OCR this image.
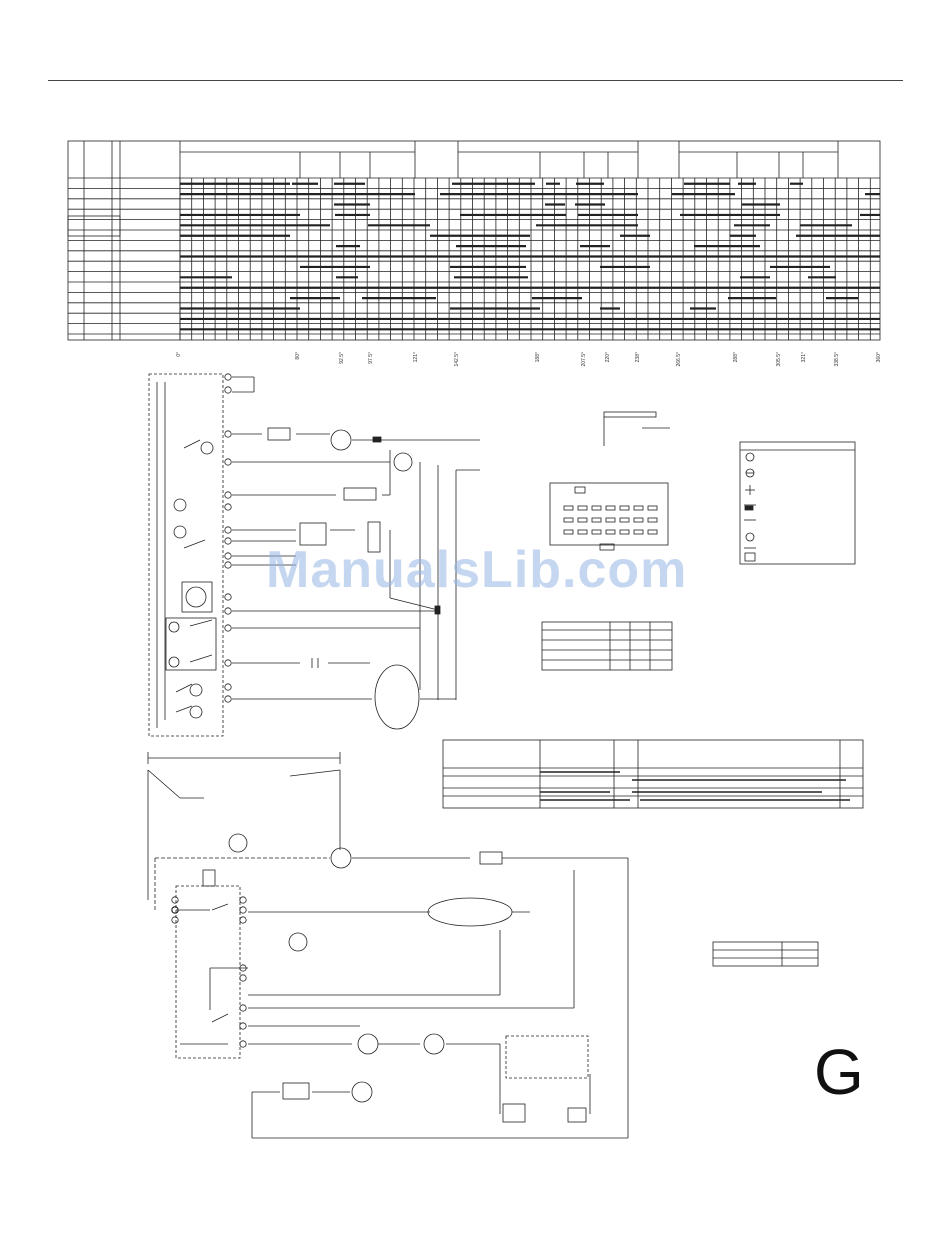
0°	80°	92.5°	97.5°	121°	142.5°	188°	207.5°	220°	238°	266.5°	288°	305.5°	321°	338.5°	360°
ManualsLib.com
G
